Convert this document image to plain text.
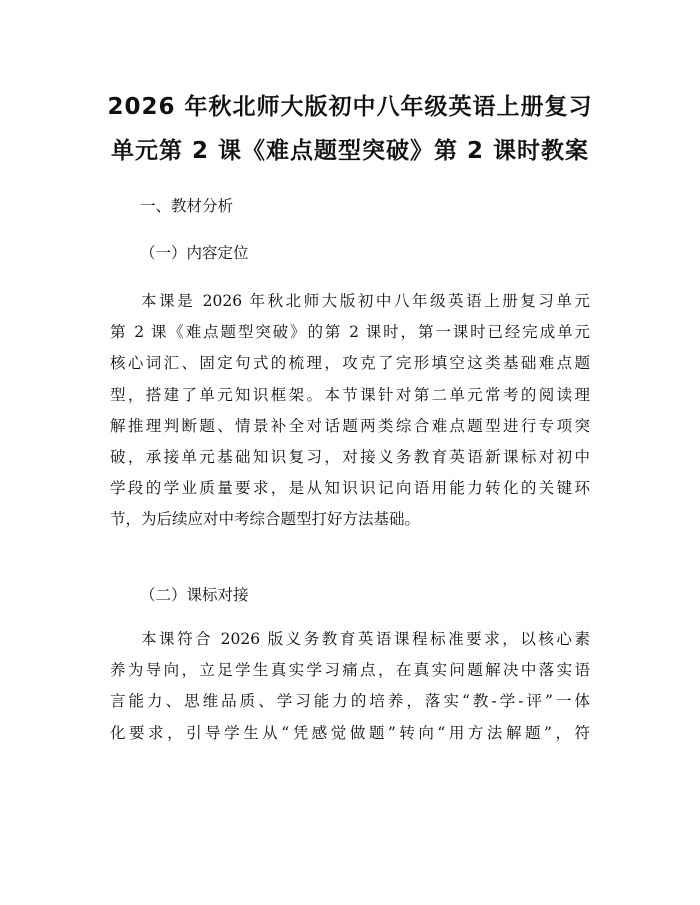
2026 年秋北师大版初中八年级英语上册复习
单元第 2 课《难点题型突破》第 2 课时教案
一、教材分析
（一）内容定位
本课是 2026 年秋北师大版初中八年级英语上册复习单元
第 2 课《难点题型突破》的第 2 课时，第一课时已经完成单元
核心词汇、固定句式的梳理，攻克了完形填空这类基础难点题
型，搭建了单元知识框架。本节课针对第二单元常考的阅读理
解推理判断题、情景补全对话题两类综合难点题型进行专项突
破，承接单元基础知识复习，对接义务教育英语新课标对初中
学段的学业质量要求，是从知识识记向语用能力转化的关键环
节，为后续应对中考综合题型打好方法基础。
（二）课标对接
本课符合 2026 版义务教育英语课程标准要求，以核心素
养为导向，立足学生真实学习痛点，在真实问题解决中落实语
言能力、思维品质、学习能力的培养，落实“教-学-评”一体
化要求，引导学生从“凭感觉做题”转向“用方法解题”，符
